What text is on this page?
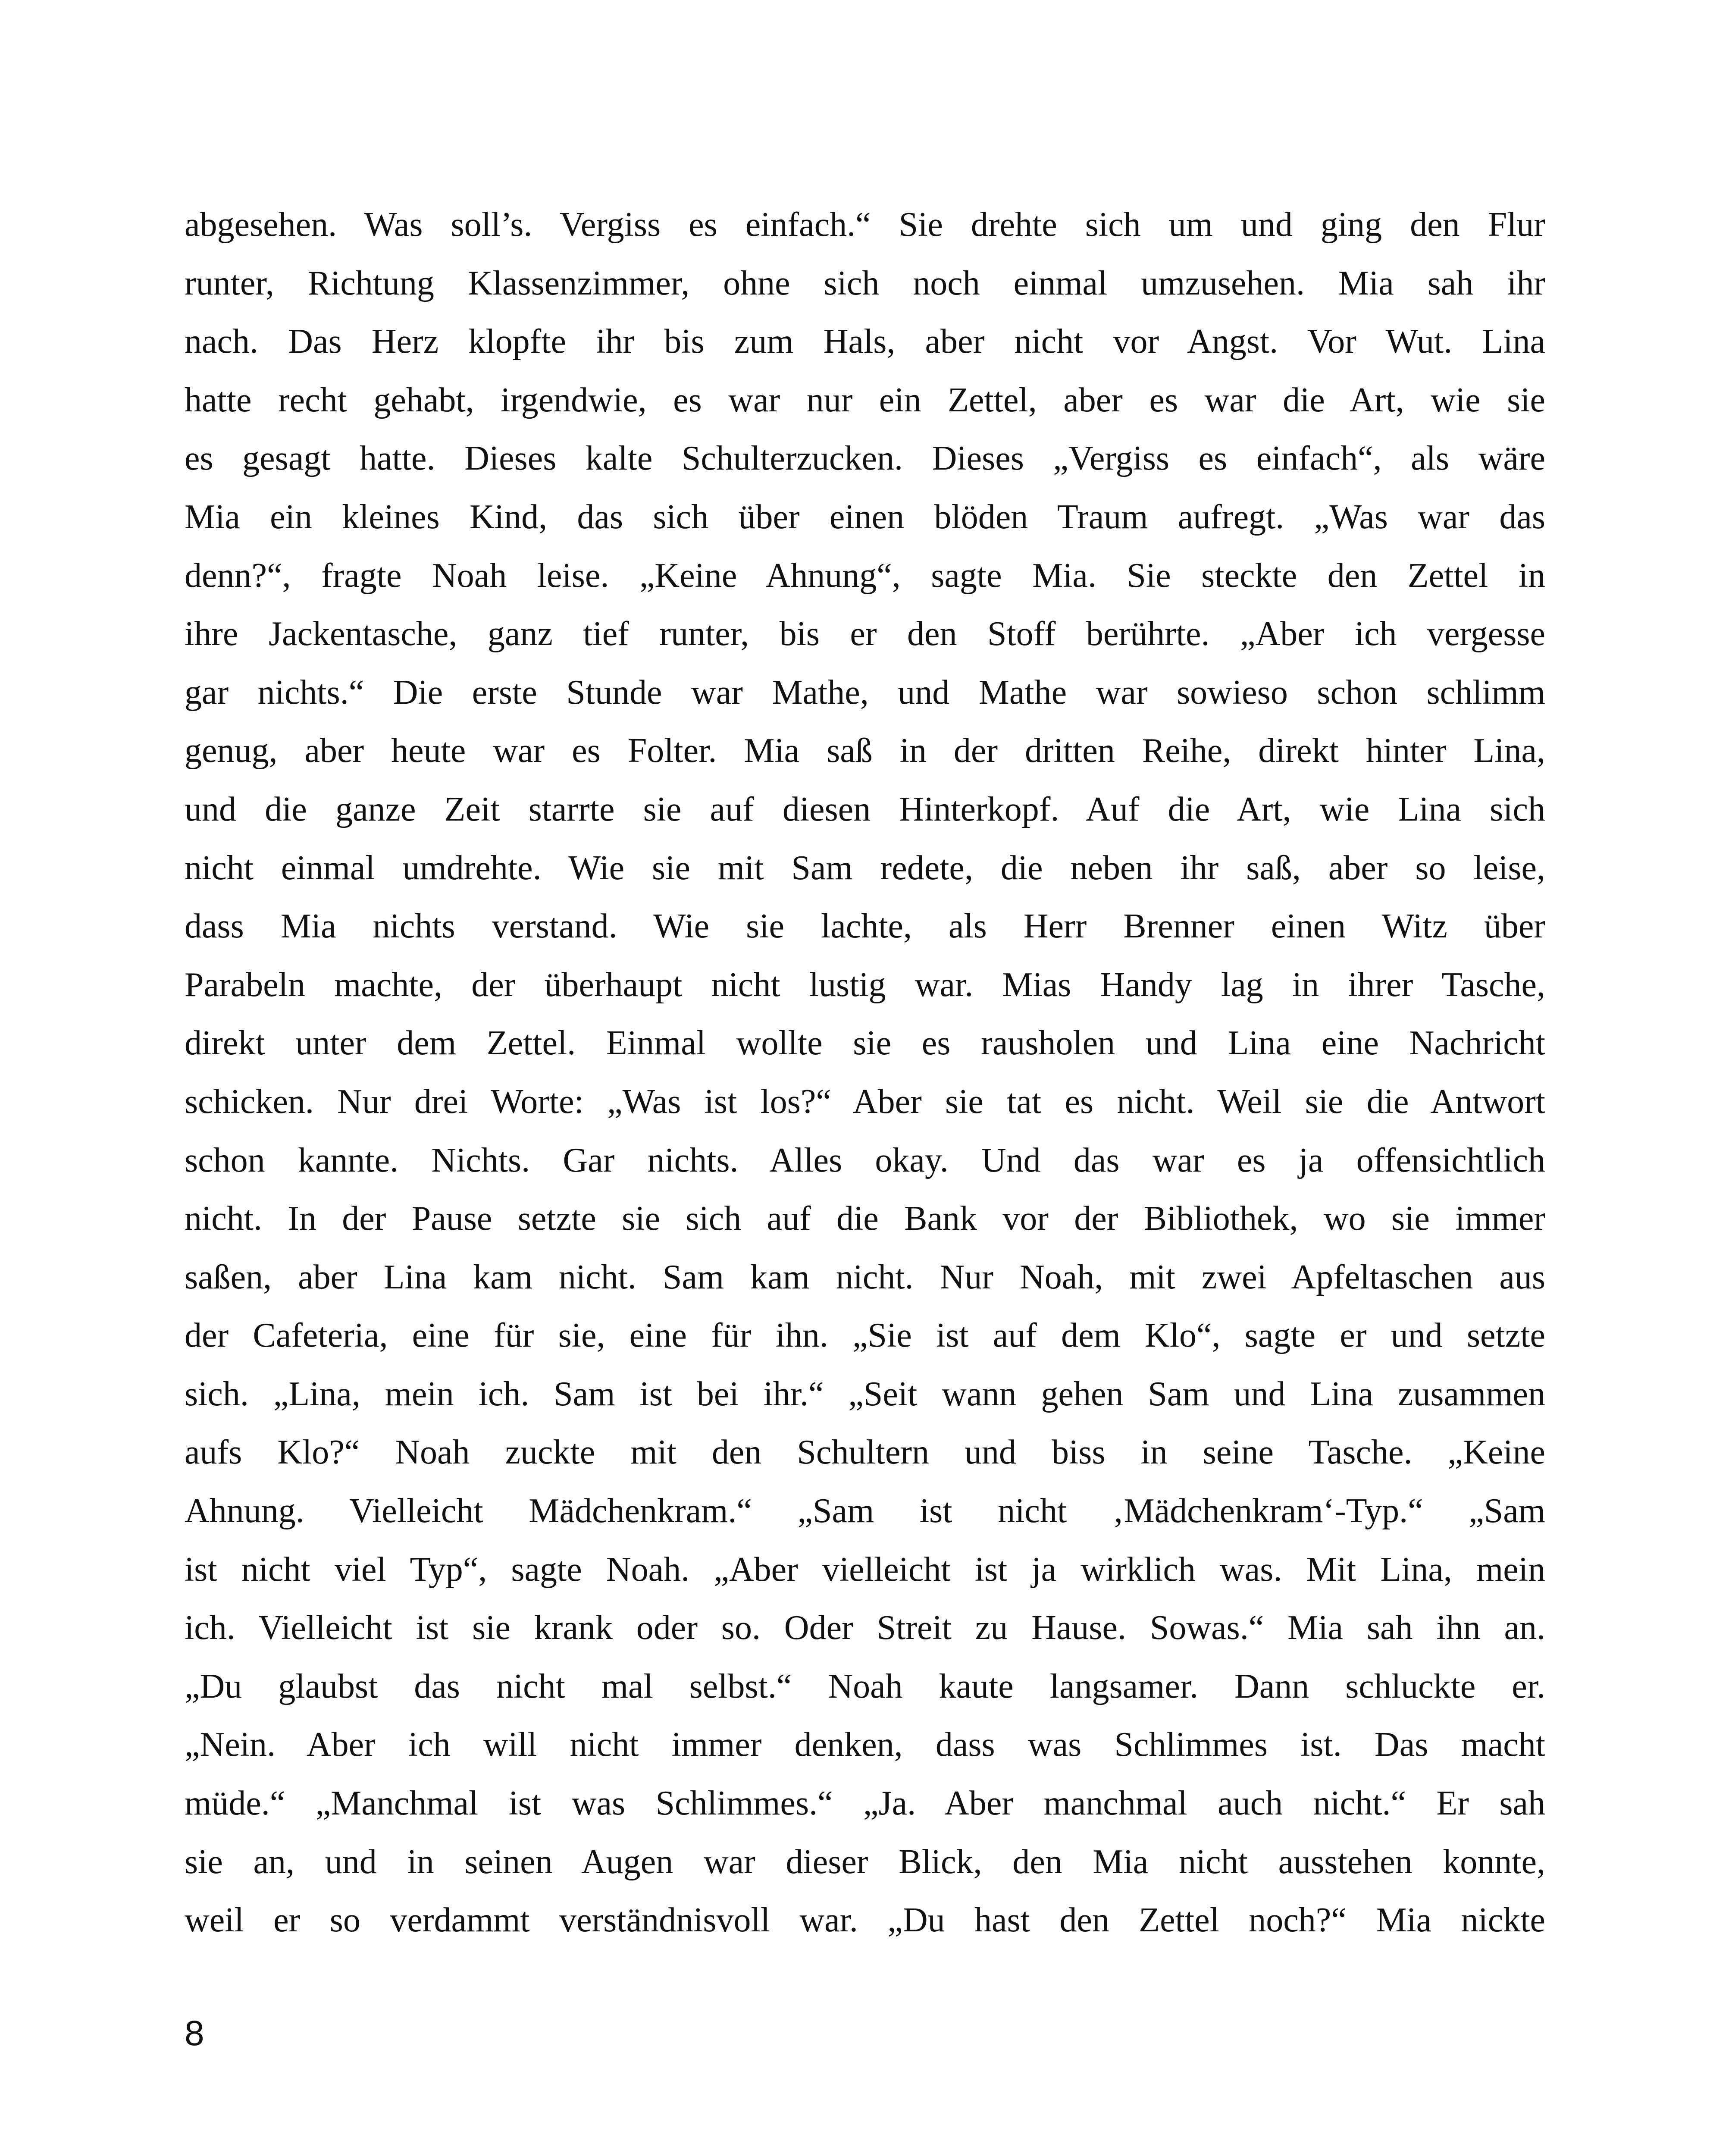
abgesehen. Was soll’s. Vergiss es einfach.“ Sie drehte sich um und ging den Flur
runter, Richtung Klassenzimmer, ohne sich noch einmal umzusehen. Mia sah ihr
nach. Das Herz klopfte ihr bis zum Hals, aber nicht vor Angst. Vor Wut. Lina
hatte recht gehabt, irgendwie, es war nur ein Zettel, aber es war die Art, wie sie
es gesagt hatte. Dieses kalte Schulterzucken. Dieses „Vergiss es einfach“, als wäre
Mia ein kleines Kind, das sich über einen blöden Traum aufregt. „Was war das
denn?“, fragte Noah leise. „Keine Ahnung“, sagte Mia. Sie steckte den Zettel in
ihre Jackentasche, ganz tief runter, bis er den Stoff berührte. „Aber ich vergesse
gar nichts.“ Die erste Stunde war Mathe, und Mathe war sowieso schon schlimm
genug, aber heute war es Folter. Mia saß in der dritten Reihe, direkt hinter Lina,
und die ganze Zeit starrte sie auf diesen Hinterkopf. Auf die Art, wie Lina sich
nicht einmal umdrehte. Wie sie mit Sam redete, die neben ihr saß, aber so leise,
dass Mia nichts verstand. Wie sie lachte, als Herr Brenner einen Witz über
Parabeln machte, der überhaupt nicht lustig war. Mias Handy lag in ihrer Tasche,
direkt unter dem Zettel. Einmal wollte sie es rausholen und Lina eine Nachricht
schicken. Nur drei Worte: „Was ist los?“ Aber sie tat es nicht. Weil sie die Antwort
schon kannte. Nichts. Gar nichts. Alles okay. Und das war es ja offensichtlich
nicht. In der Pause setzte sie sich auf die Bank vor der Bibliothek, wo sie immer
saßen, aber Lina kam nicht. Sam kam nicht. Nur Noah, mit zwei Apfeltaschen aus
der Cafeteria, eine für sie, eine für ihn. „Sie ist auf dem Klo“, sagte er und setzte
sich. „Lina, mein ich. Sam ist bei ihr.“ „Seit wann gehen Sam und Lina zusammen
aufs Klo?“ Noah zuckte mit den Schultern und biss in seine Tasche. „Keine
Ahnung. Vielleicht Mädchenkram.“ „Sam ist nicht ‚Mädchenkram‘-Typ.“ „Sam
ist nicht viel Typ“, sagte Noah. „Aber vielleicht ist ja wirklich was. Mit Lina, mein
ich. Vielleicht ist sie krank oder so. Oder Streit zu Hause. Sowas.“ Mia sah ihn an.
„Du glaubst das nicht mal selbst.“ Noah kaute langsamer. Dann schluckte er.
„Nein. Aber ich will nicht immer denken, dass was Schlimmes ist. Das macht
müde.“ „Manchmal ist was Schlimmes.“ „Ja. Aber manchmal auch nicht.“ Er sah
sie an, und in seinen Augen war dieser Blick, den Mia nicht ausstehen konnte,
weil er so verdammt verständnisvoll war. „Du hast den Zettel noch?“ Mia nickte
8
